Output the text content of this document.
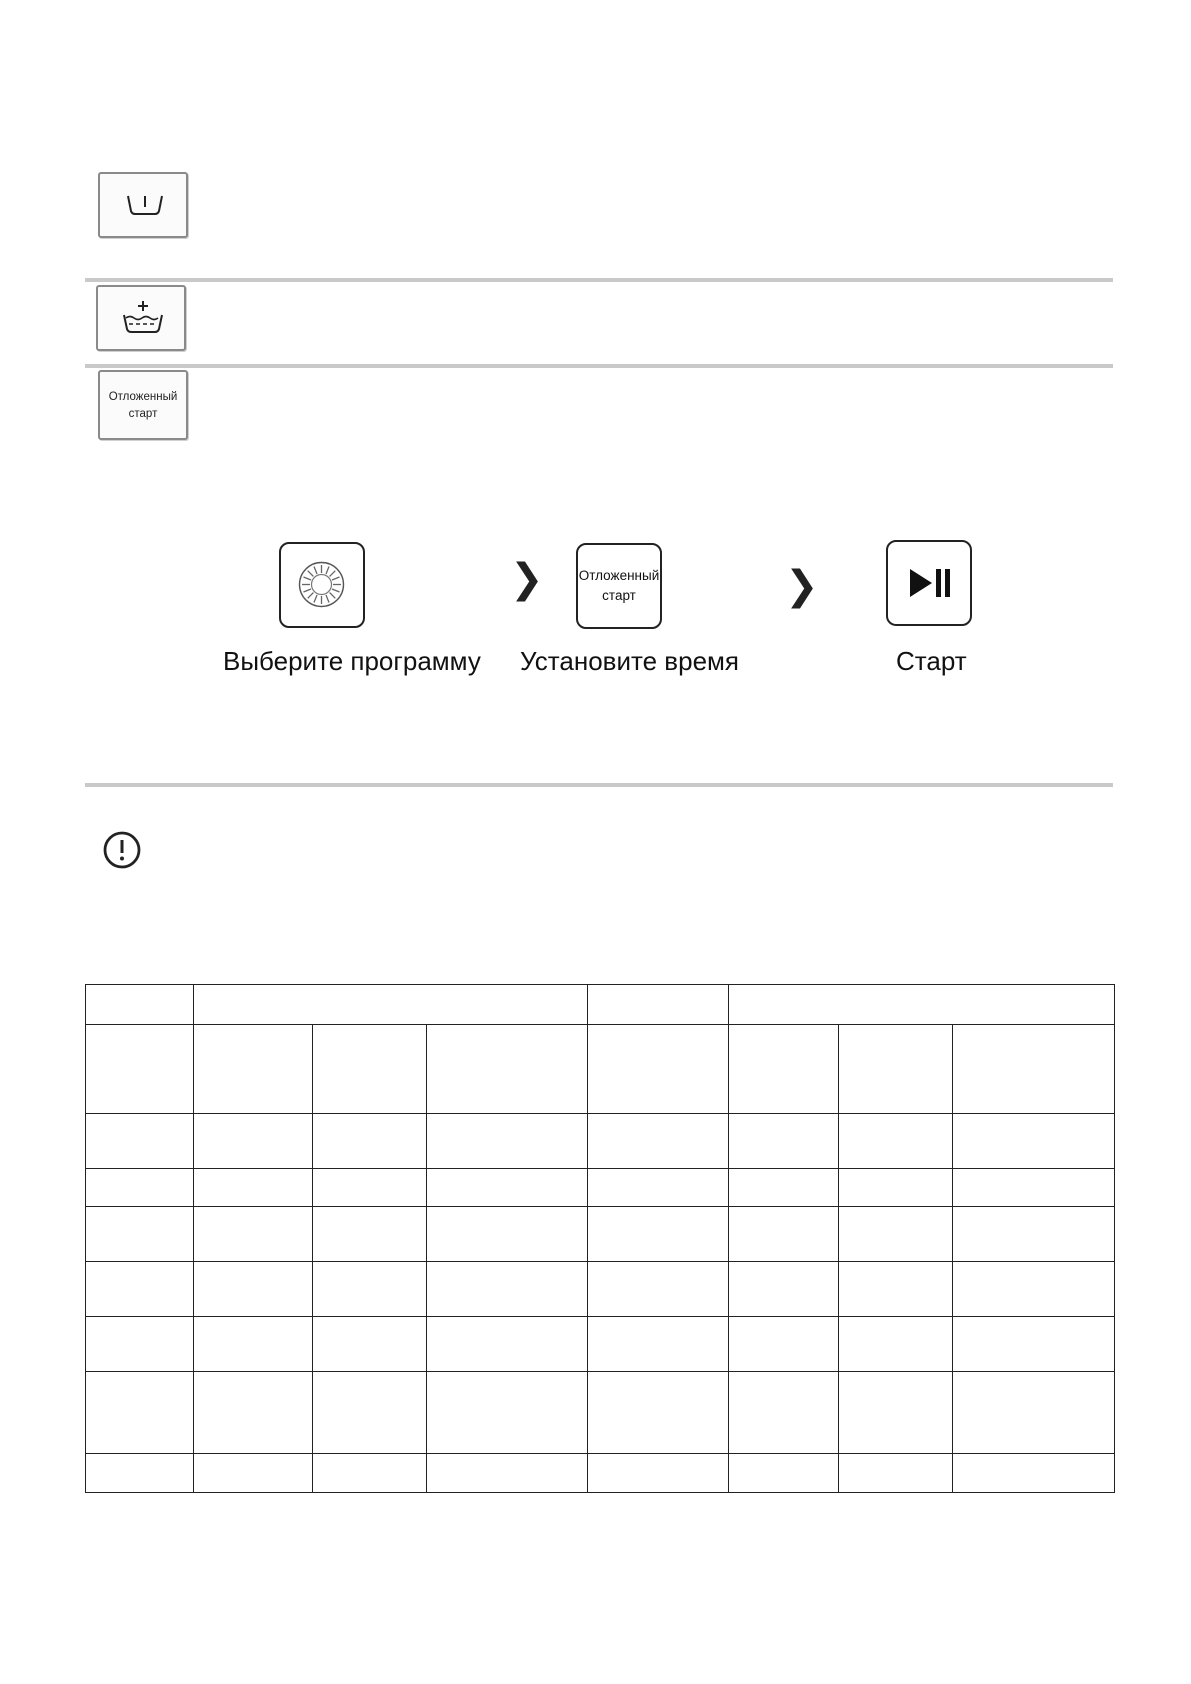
Отложенный
старт
❯	Отложенный
старт	❯
Выберите программу Установите время	Старт
